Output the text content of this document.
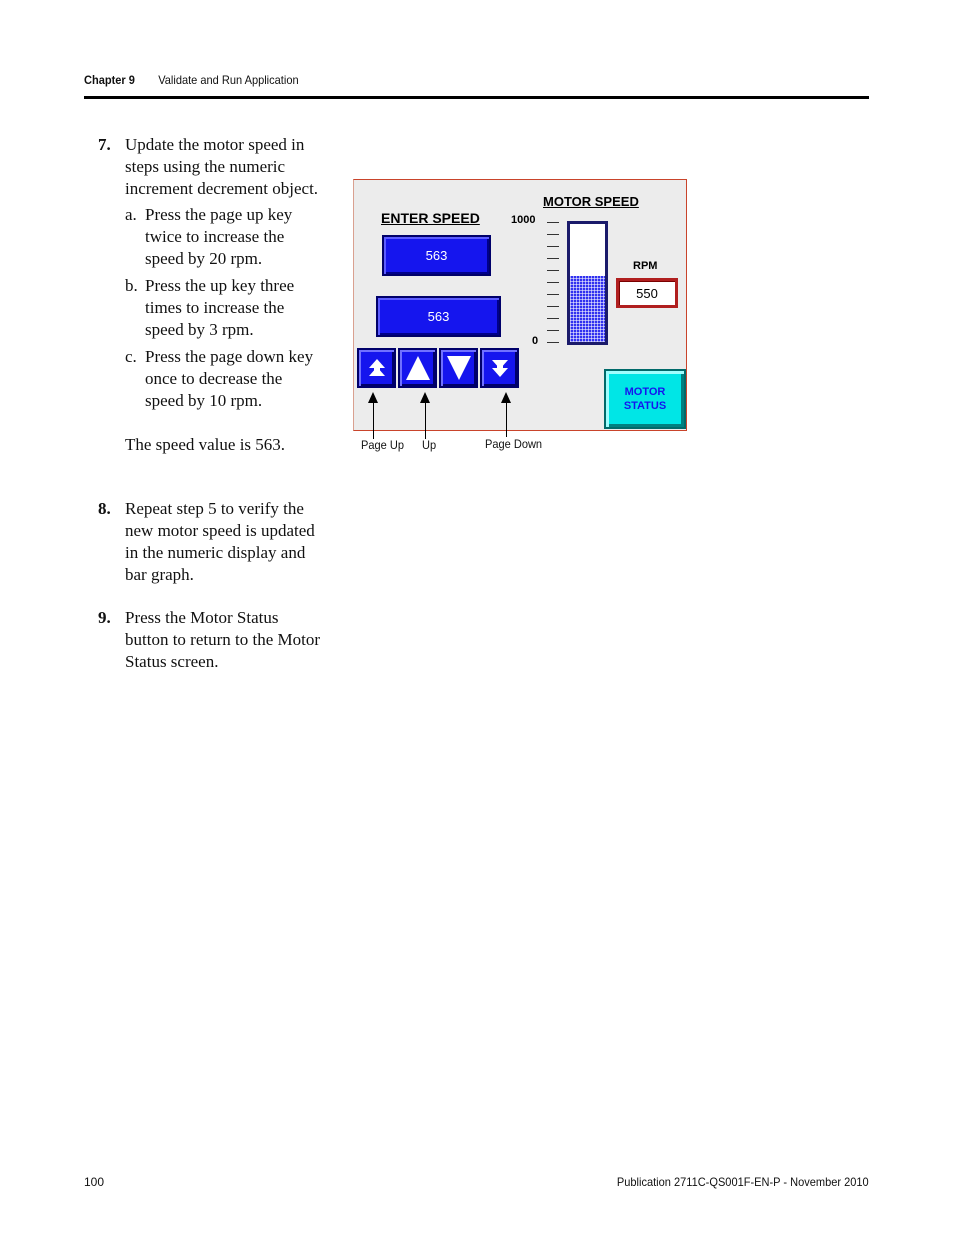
Chapter 9 Validate and Run Application
7. Update the motor speed in steps using the numeric increment decrement object.
a. Press the page up key twice to increase the speed by 20 rpm.
b. Press the up key three times to increase the speed by 3 rpm.
c. Press the page down key once to decrease the speed by 10 rpm.
The speed value is 563.
8. Repeat step 5 to verify the new motor speed is updated in the numeric display and bar graph.
9. Press the Motor Status button to return to the Motor Status screen.
ENTER SPEED
MOTOR SPEED
563
563
1000
0
RPM
550
MOTOR
STATUS
Page Up Up	Page Down
100	Publication 2711C-QS001F-EN-P - November 2010
